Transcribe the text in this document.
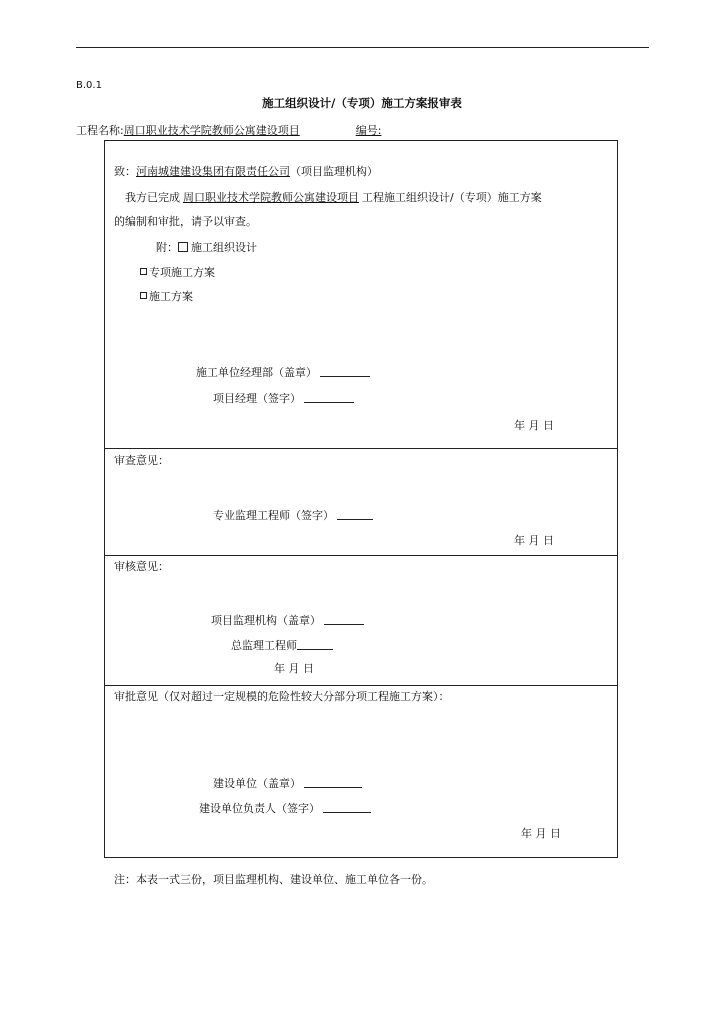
B.0.1
施工组织设计/（专项）施工方案报审表
工程名称:周口职业技术学院教师公寓建设项目	编号:
致：河南城建建设集团有限责任公司（项目监理机构）
我方已完成 周口职业技术学院教师公寓建设项目 工程施工组织设计/（专项）施工方案
的编制和审批，请予以审查。
附： 施工组织设计
专项施工方案
施工方案
施工单位经理部（盖章）
项目经理（签字）
年 月 日
审查意见：
专业监理工程师（签字）
年 月 日
审核意见：
项目监理机构（盖章）
总监理工程师
年 月 日
审批意见（仅对超过一定规模的危险性较大分部分项工程施工方案）：
建设单位（盖章）
建设单位负责人（签字）
年 月 日
注：本表一式三份，项目监理机构、建设单位、施工单位各一份。
